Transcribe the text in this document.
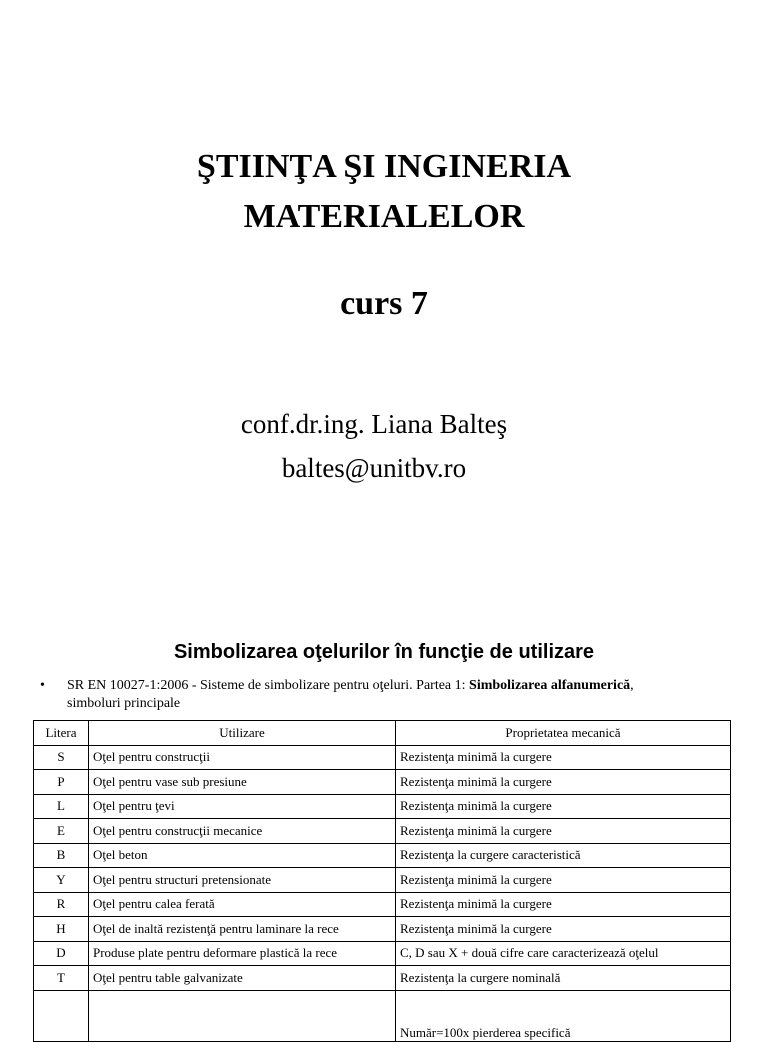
ŞTIINŢA ŞI INGINERIA
MATERIALELOR
curs 7
conf.dr.ing. Liana Balteş
baltes@unitbv.ro
Simbolizarea oţelurilor în funcţie de utilizare
• SR EN 10027-1:2006 - Sisteme de simbolizare pentru oţeluri. Partea 1: Simbolizarea alfanumerică, simboluri principale
Litera	Utilizare	Proprietatea mecanică
S	Oţel pentru construcţii	Rezistenţa minimă la curgere
P	Oţel pentru vase sub presiune	Rezistenţa minimă la curgere
L	Oţel pentru ţevi	Rezistenţa minimă la curgere
E	Oţel pentru construcţii mecanice	Rezistenţa minimă la curgere
B	Oţel beton	Rezistenţa la curgere caracteristică
Y	Oţel pentru structuri pretensionate	Rezistenţa minimă la curgere
R	Oţel pentru calea ferată	Rezistenţa minimă la curgere
H	Oţel de inaltă rezistenţă pentru laminare la rece	Rezistenţa minimă la curgere
D	Produse plate pentru deformare plastică la rece	C, D sau X + două cifre care caracterizează oţelul
T	Oţel pentru table galvanizate	Rezistenţa la curgere nominală
		Număr=100x pierderea specifică
